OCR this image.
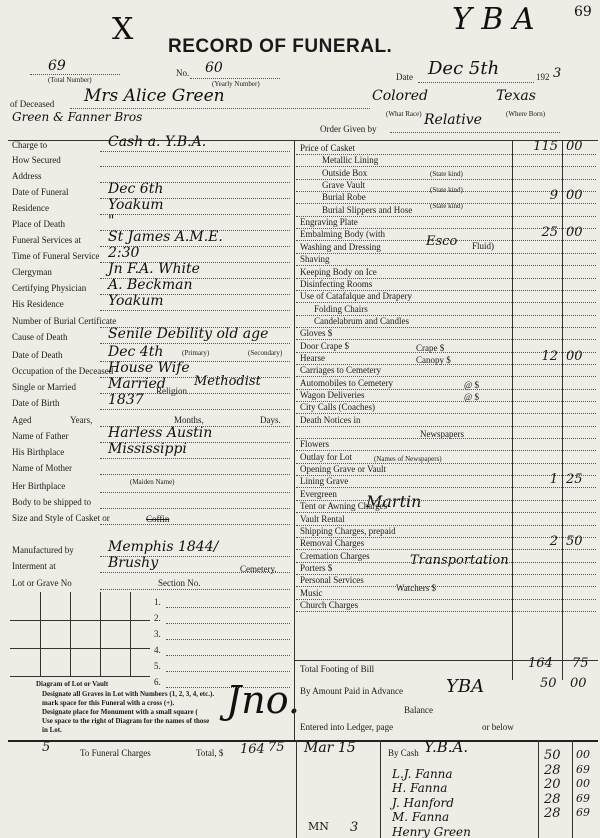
X	Y B A	69
RECORD OF FUNERAL.
69
(Total Number)
No. 60
(Yearly Number)
Date Dec 5th	192 3
of Deceased Mrs Alice Green	Colored
(What Race)
Texas
(Where Born)
Green & Fanner Bros
Order Given by
Relative
(Primary)	(Secondary)
Religion
Methodist
Years,	Months,	Days.
(Maiden Name)
Coffin
Cemetery.
Section No.
Diagram of Lot or Vault
Designate all Graves in Lot with Numbers (1, 2, 3, 4, etc.).
mark space for this Funeral with a cross (+).
Designate place for Monument with a small square (
Use space to the right of Diagram for the names of those
in Lot.
Jno.
(State kind)
(State kind)
(State kind)
Esco Fluid)
Crape $
Canopy $
@ $
@ $
Newspapers
(Names of Newspapers)
Martin
Transportation
Watchers $
Total Footing of Bill	164 75
By Amount Paid in Advance YBA	50 00
Balance
Entered into Ledger, page	or below
5	To Funeral Charges	Total, $ 164 75 Mar 15	By Cash Y.B.A.
MN 3
Charge to	Cash a. Y.B.A.
How Secured
Address
Date of Funeral	Dec 6th
Residence	Yoakum
Place of Death	"
Funeral Services at St James A.M.E.
Time of Funeral Service 2:30
Clergyman	Jn F.A. White
Certifying Physician A. Beckman
His Residence	Yoakum
Number of Burial Certificate
Cause of Death	Senile Debility old age
Date of Death	Dec 4th
Occupation of the Deceased
House Wife
Single or Married Married
Date of Birth	1837
Aged
Name of Father	Harless Austin
His Birthplace	Mississippi
Name of Mother
Her Birthplace
Body to be shipped to
Size and Style of Casket or
Manufactured by Memphis 1844/
Interment at	Brushy
Lot or Grave No
1.
2.
3.
4.
5.
6.
Price of Casket	115 00
Metallic Lining
Outside Box
Grave Vault
Burial Robe	9 00
Burial Slippers and Hose
Engraving Plate
Embalming Body (with	25 00
Washing and Dressing
Shaving
Keeping Body on Ice
Disinfecting Rooms
Use of Catafalque and Drapery
Folding Chairs
Candelabrum and Candles
Gloves $
Door Crape $
Hearse	12 00
Carriages to Cemetery
Automobiles to Cemetery
Wagon Deliveries
City Calls (Coaches)
Death Notices in
Flowers
Outlay for Lot
Opening Grave or Vault
Lining Grave	1 25
Evergreen
Tent or Awning Charges
Vault Rental
Shipping Charges, prepaid
Removal Charges	2 50
Cremation Charges
Porters $
Personal Services
Music
Church Charges
50 00
L.J. Fanna	28 69
H. Fanna	20 00
J. Hanford	28 69
M. Fanna	28 69
Henry Green
